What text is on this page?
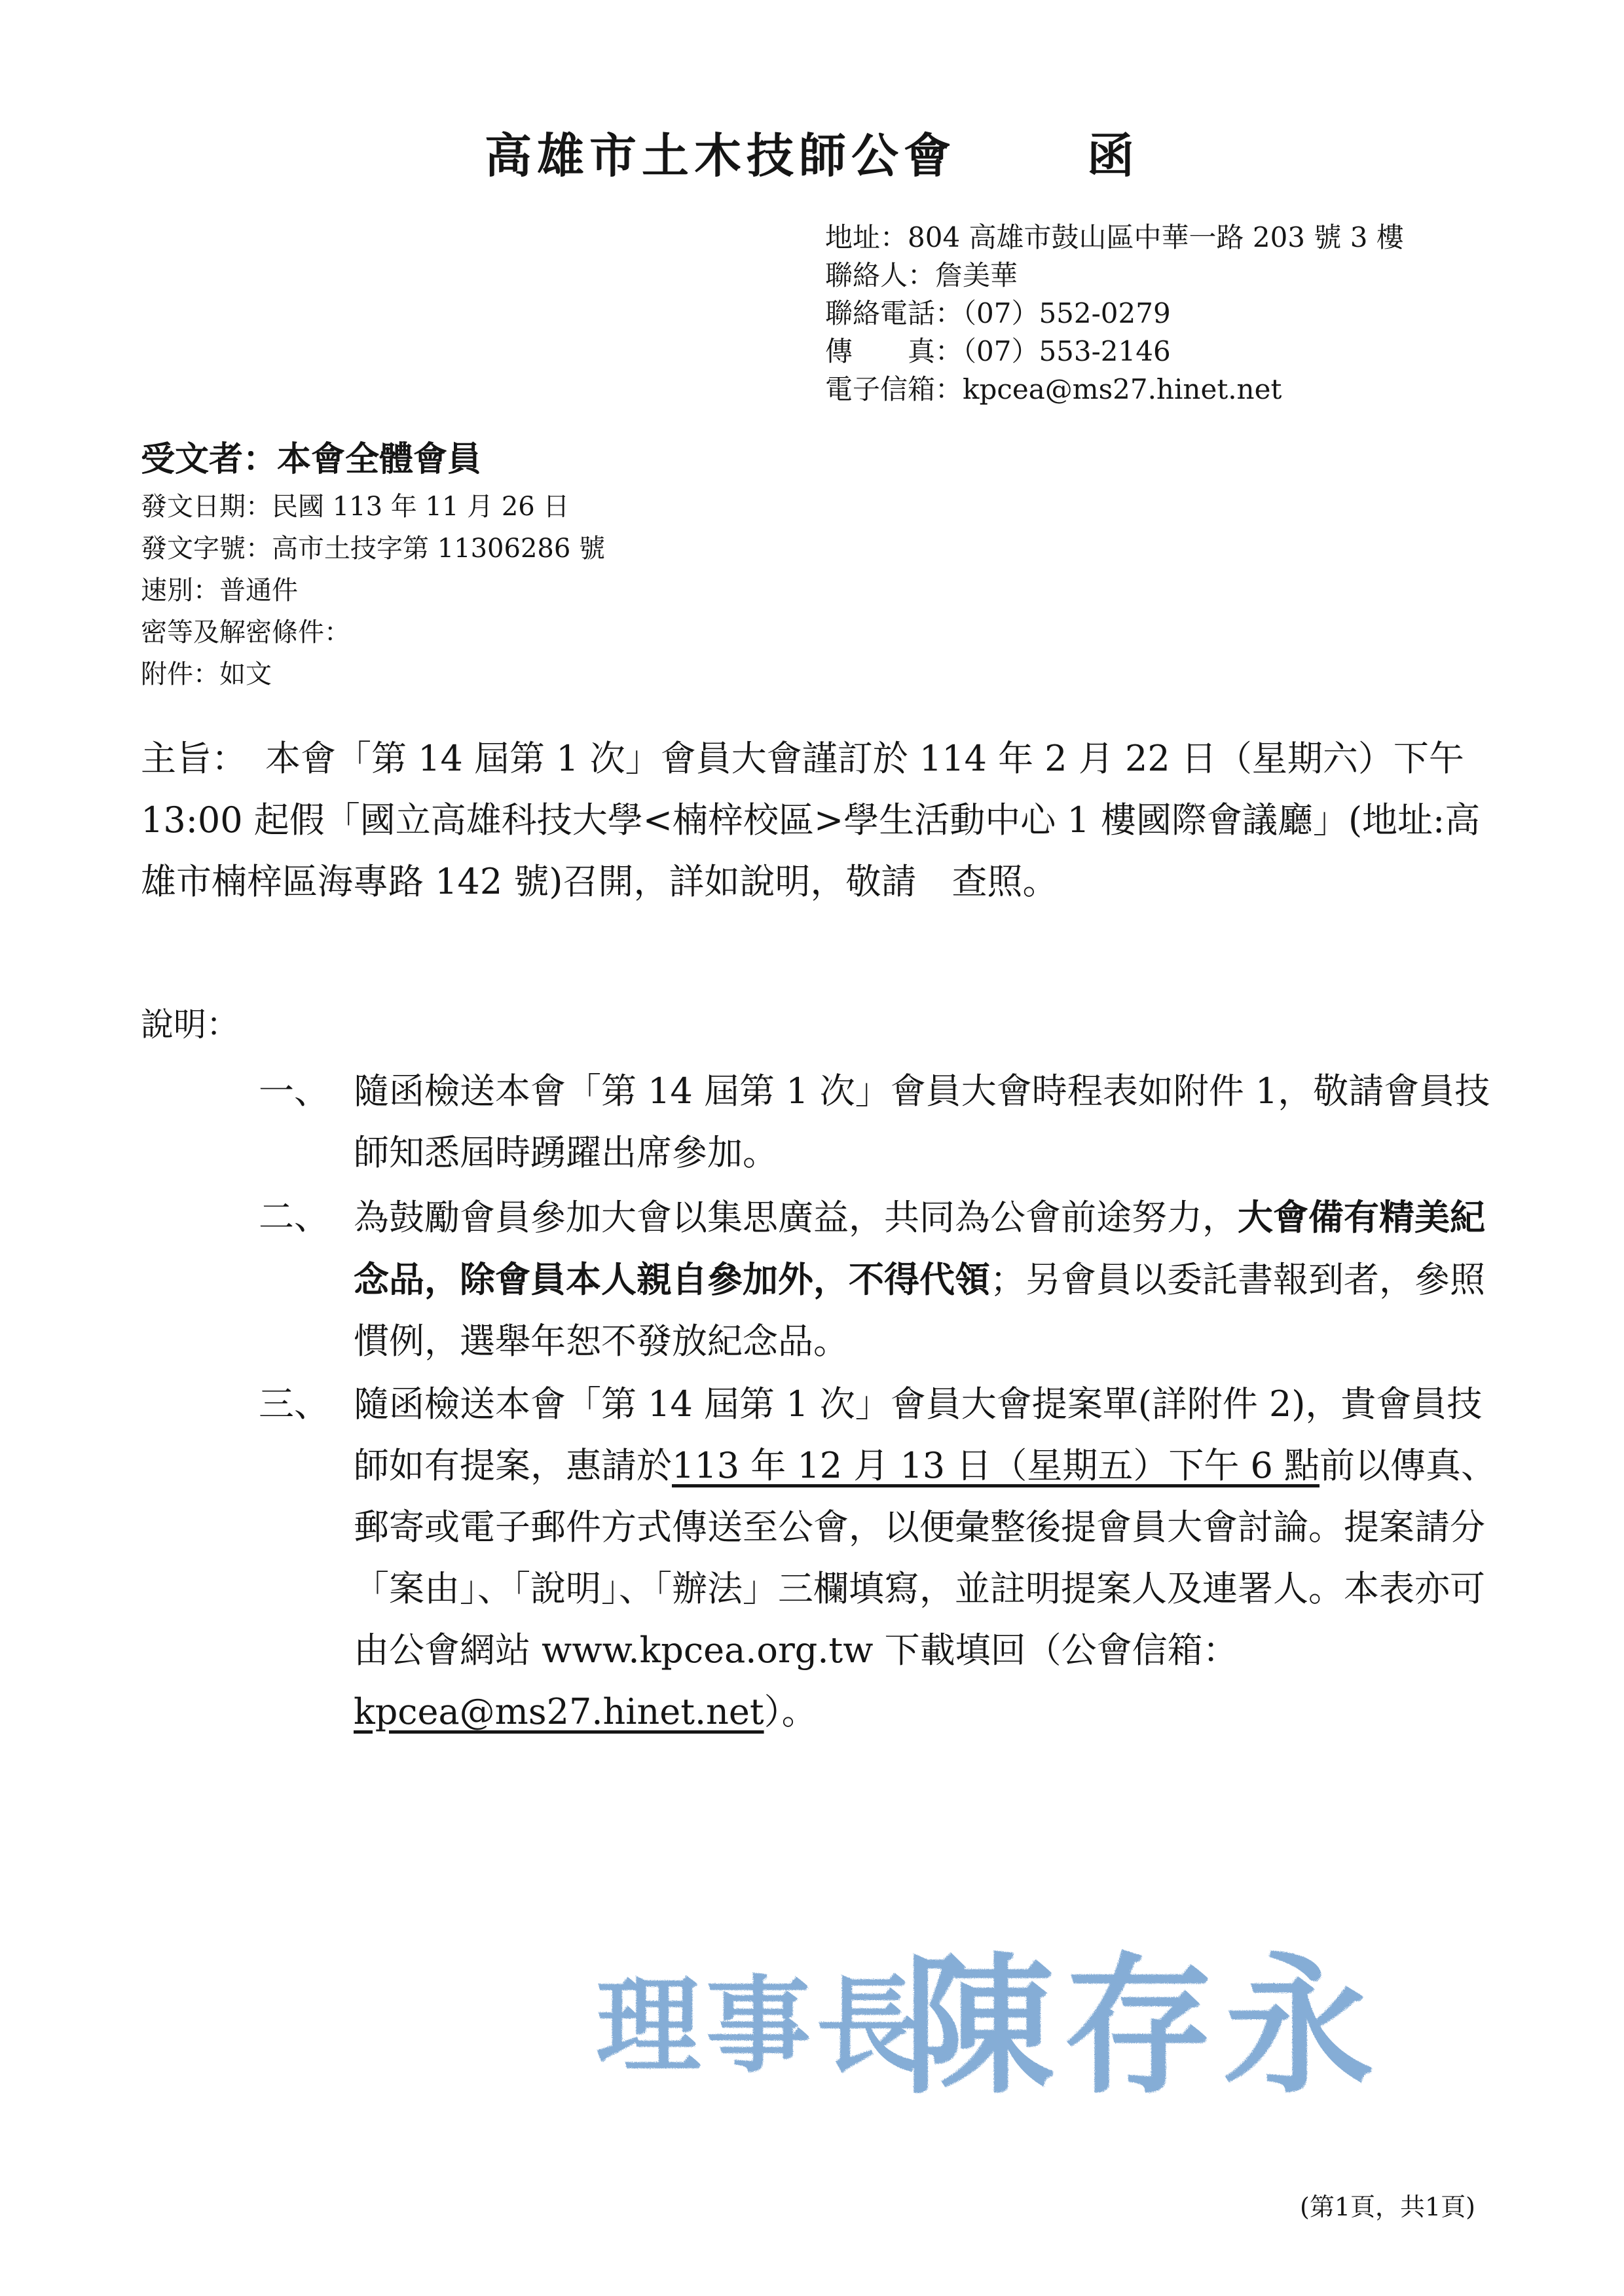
高雄市土木技師公會	函
地址：804 高雄市鼓山區中華一路 203 號 3 樓
聯絡人：詹美華
聯絡電話：（07）552-0279
傳　　真：（07）553-2146
電子信箱：kpcea@ms27.hinet.net
受文者：本會全體會員
發文日期：民國 113 年 11 月 26 日
發文字號：高市土技字第 11306286 號
速別：普通件
密等及解密條件：
附件：如文
主旨： 本會「第 14 屆第 1 次」會員大會謹訂於 114 年 2 月 22 日（星期六）下午 13:00 起假「國立高雄科技大學<楠梓校區>學生活動中心 1 樓國際會議廳」(地址:高雄市楠梓區海專路 142 號)召開，詳如說明，敬請　查照。
說明：
一、 隨函檢送本會「第 14 屆第 1 次」會員大會時程表如附件 1，敬請會員技師知悉屆時踴躍出席參加。
二、 為鼓勵會員參加大會以集思廣益，共同為公會前途努力，大會備有精美紀念品，除會員本人親自參加外，不得代領；另會員以委託書報到者，參照慣例，選舉年恕不發放紀念品。
三、 隨函檢送本會「第 14 屆第 1 次」會員大會提案單(詳附件 2)，貴會員技師如有提案，惠請於113 年 12 月 13 日（星期五）下午 6 點前以傳真、郵寄或電子郵件方式傳送至公會，以便彙整後提會員大會討論。提案請分「案由」、「說明」、「辦法」三欄填寫，並註明提案人及連署人。本表亦可由公會網站 www.kpcea.org.tw 下載填回（公會信箱：kpcea@ms27.hinet.net）。
理事長
陳存永
(第1頁，共1頁)
